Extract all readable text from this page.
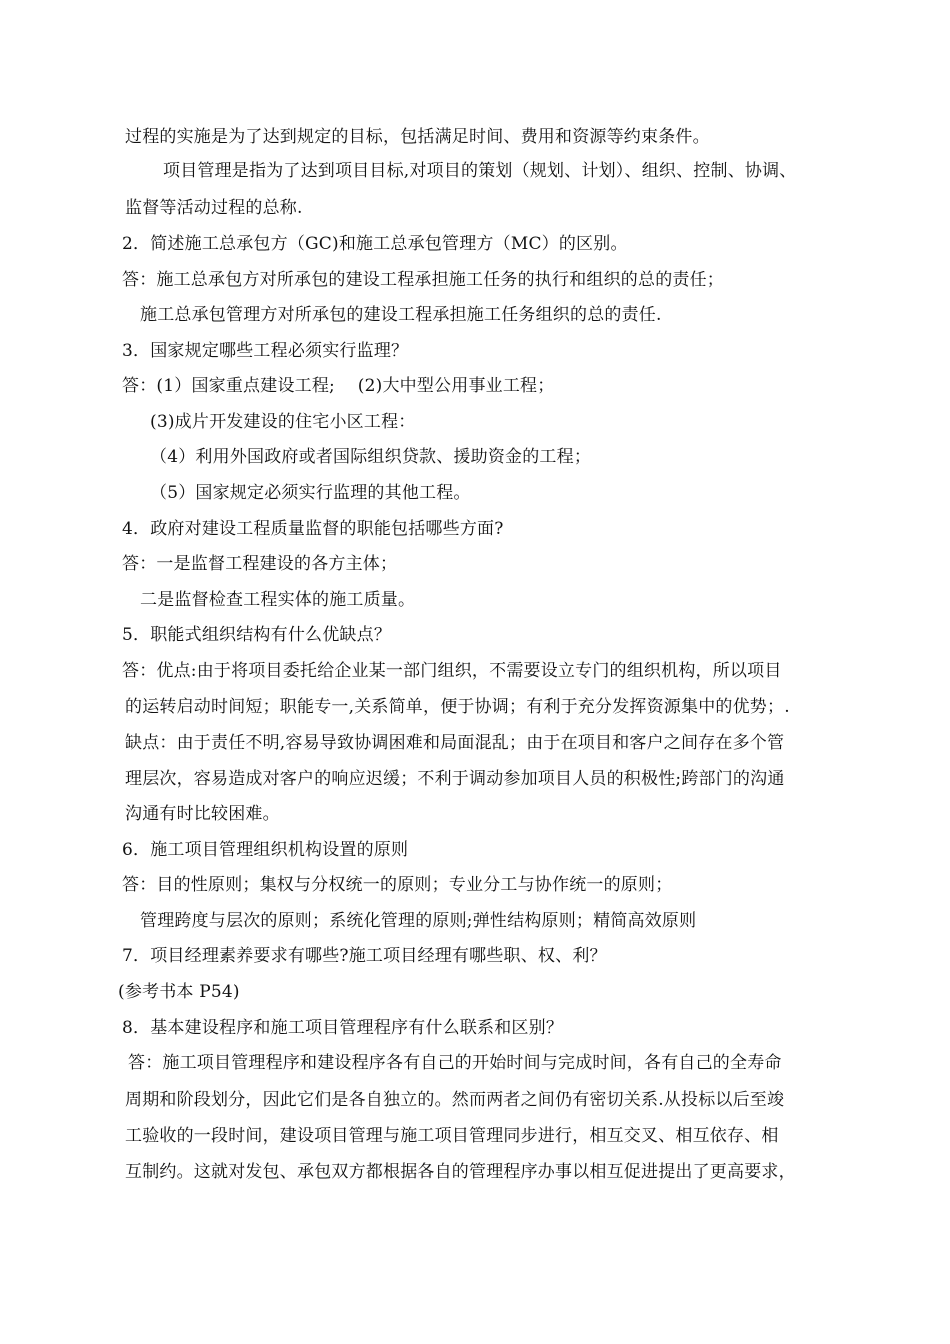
过程的实施是为了达到规定的目标，包括满足时间、费用和资源等约束条件。
项目管理是指为了达到项目目标,对项目的策划（规划、计划）、组织、控制、协调、
监督等活动过程的总称.
2．简述施工总承包方（GC)和施工总承包管理方（MC）的区别。
答：施工总承包方对所承包的建设工程承担施工任务的执行和组织的总的责任；
施工总承包管理方对所承包的建设工程承担施工任务组织的总的责任.
3．国家规定哪些工程必须实行监理？
答：(1）国家重点建设工程;　 (2)大中型公用事业工程；
(3)成片开发建设的住宅小区工程：
（4）利用外国政府或者国际组织贷款、援助资金的工程；
（5）国家规定必须实行监理的其他工程。
4．政府对建设工程质量监督的职能包括哪些方面?
答：一是监督工程建设的各方主体；
二是监督检查工程实体的施工质量。
5．职能式组织结构有什么优缺点？
答：优点:由于将项目委托给企业某一部门组织，不需要设立专门的组织机构，所以项目
的运转启动时间短；职能专一,关系简单，便于协调；有利于充分发挥资源集中的优势；.
缺点：由于责任不明,容易导致协调困难和局面混乱；由于在项目和客户之间存在多个管
理层次，容易造成对客户的响应迟缓；不利于调动参加项目人员的积极性;跨部门的沟通
沟通有时比较困难。
6．施工项目管理组织机构设置的原则
答：目的性原则；集权与分权统一的原则；专业分工与协作统一的原则；
管理跨度与层次的原则；系统化管理的原则;弹性结构原则；精简高效原则
7．项目经理素养要求有哪些?施工项目经理有哪些职、权、利？
(参考书本 P54)
8．基本建设程序和施工项目管理程序有什么联系和区别？
答：施工项目管理程序和建设程序各有自己的开始时间与完成时间，各有自己的全寿命
周期和阶段划分，因此它们是各自独立的。然而两者之间仍有密切关系.从投标以后至竣
工验收的一段时间，建设项目管理与施工项目管理同步进行，相互交叉、相互依存、相
互制约。这就对发包、承包双方都根据各自的管理程序办事以相互促进提出了更高要求，
